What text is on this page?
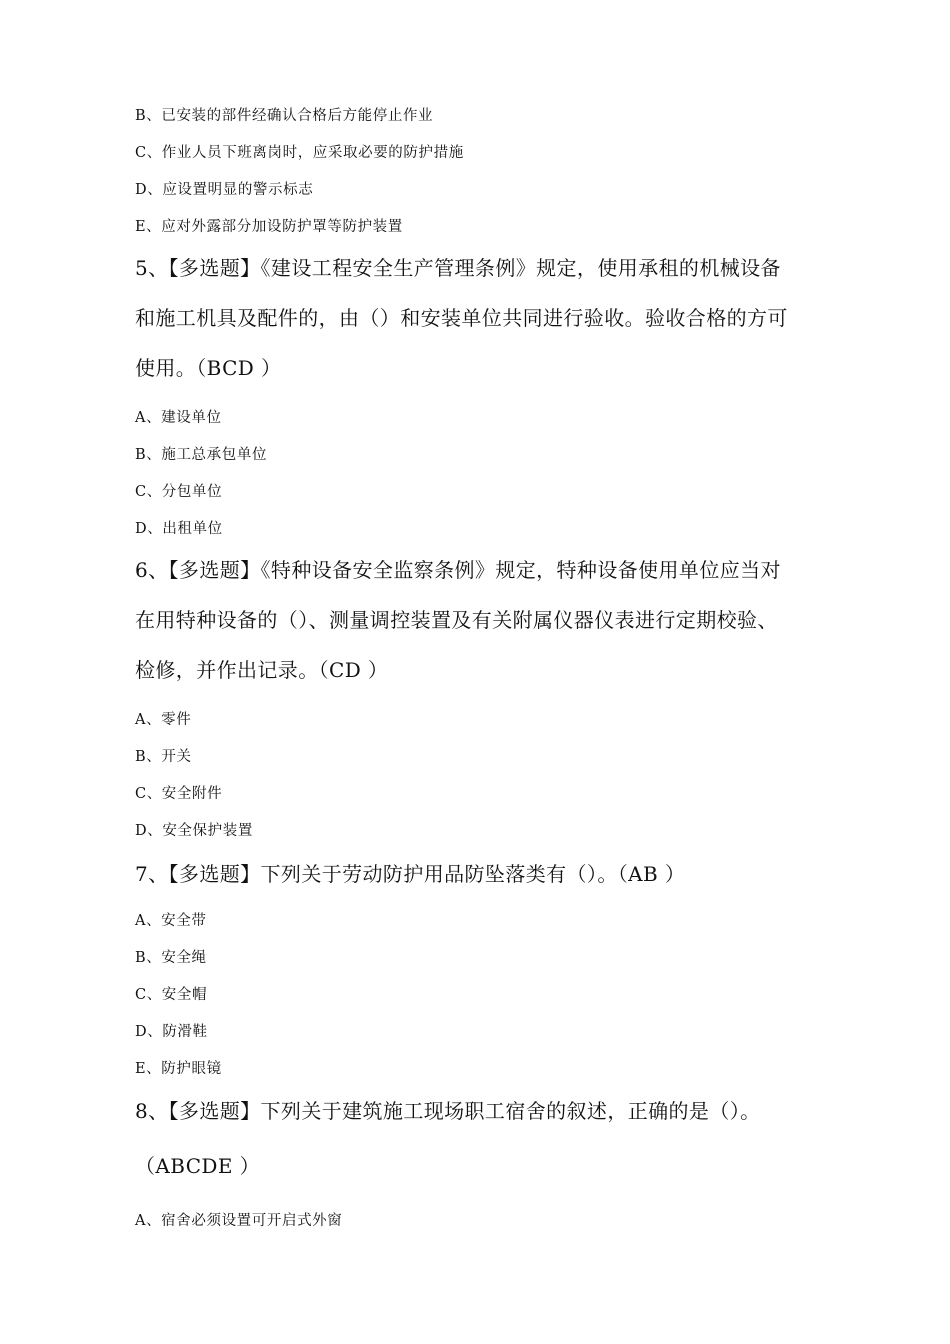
B、已安装的部件经确认合格后方能停止作业
C、作业人员下班离岗时，应采取必要的防护措施
D、应设置明显的警示标志
E、应对外露部分加设防护罩等防护装置
5、【多选题】《建设工程安全生产管理条例》规定，使用承租的机械设备
和施工机具及配件的，由（）和安装单位共同进行验收。验收合格的方可
使用。（BCD ）
A、建设单位
B、施工总承包单位
C、分包单位
D、出租单位
6、【多选题】《特种设备安全监察条例》规定，特种设备使用单位应当对
在用特种设备的（）、测量调控装置及有关附属仪器仪表进行定期校验、
检修，并作出记录。（CD ）
A、零件
B、开关
C、安全附件
D、安全保护装置
7、【多选题】下列关于劳动防护用品防坠落类有（）。（AB ）
A、安全带
B、安全绳
C、安全帽
D、防滑鞋
E、防护眼镜
8、【多选题】下列关于建筑施工现场职工宿舍的叙述，正确的是（）。
（ABCDE ）
A、宿舍必须设置可开启式外窗
